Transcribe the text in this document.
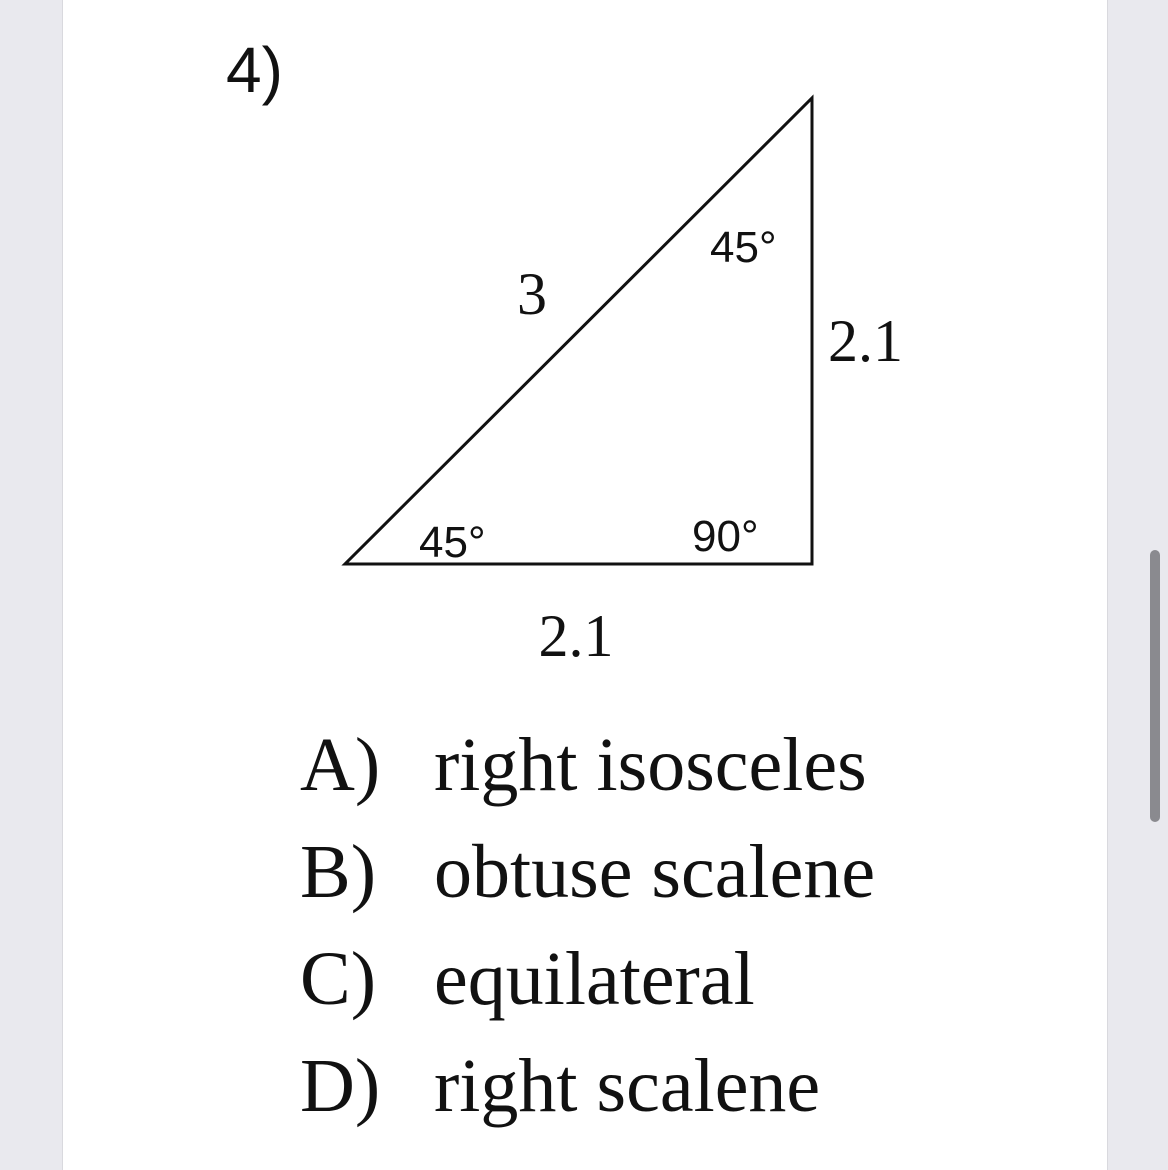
4)
3
45°
2.1
45°	90°
2.1
A) right isosceles
B) obtuse scalene
C) equilateral
D) right scalene
